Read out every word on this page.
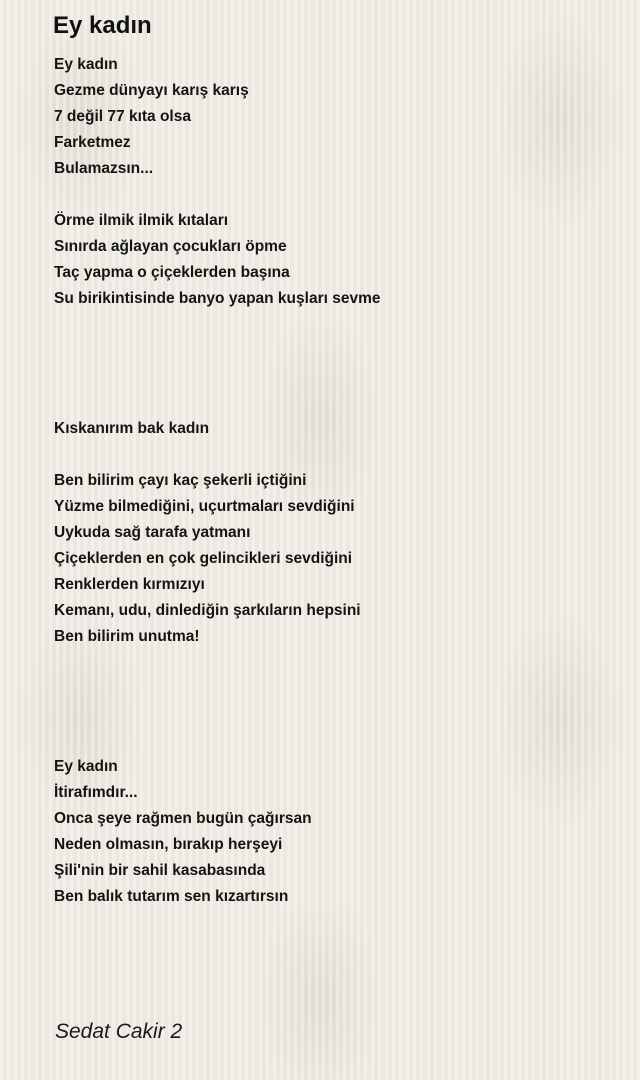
Ey kadın
Ey kadın
Gezme dünyayı karış karış
7 değil 77 kıta olsa
Farketmez
Bulamazsın...
Örme ilmik ilmik kıtaları
Sınırda ağlayan çocukları öpme
Taç yapma o çiçeklerden başına
Su birikintisinde banyo yapan kuşları sevme
Kıskanırım bak kadın
Ben bilirim çayı kaç şekerli içtiğini
Yüzme bilmediğini, uçurtmaları sevdiğini
Uykuda sağ tarafa yatmanı
Çiçeklerden en çok gelincikleri sevdiğini
Renklerden kırmızıyı
Kemanı, udu, dinlediğin şarkıların hepsini
Ben bilirim unutma!
Ey kadın
İtirafımdır...
Onca şeye rağmen bugün çağırsan
Neden olmasın, bırakıp herşeyi
Şili'nin bir sahil kasabasında
Ben balık tutarım sen kızartırsın
Sedat Cakir 2
